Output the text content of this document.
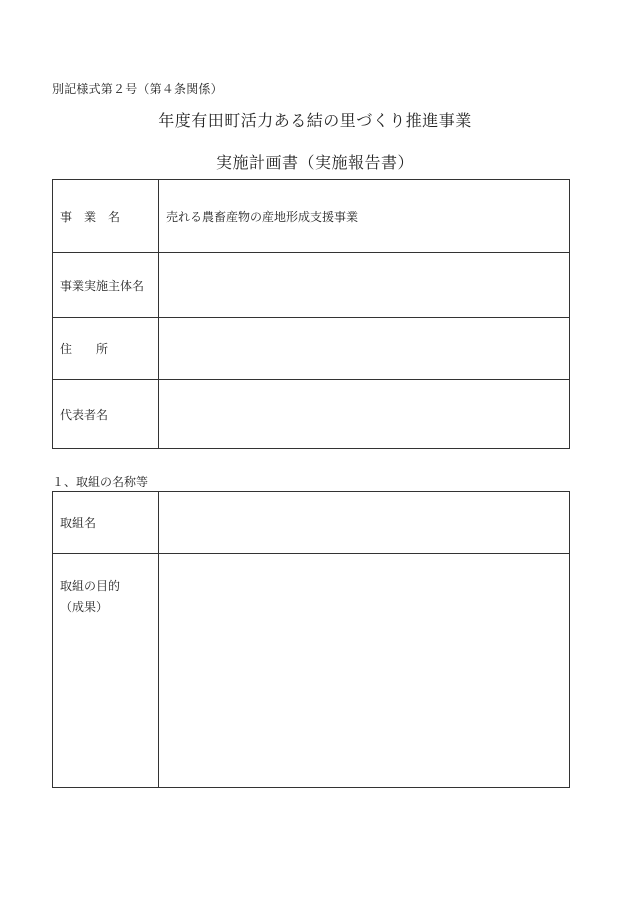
別記様式第２号（第４条関係）
年度有田町活力ある結の里づくり推進事業
実施計画書（実施報告書）
事　業　名	売れる農畜産物の産地形成支援事業
事業実施主体名	
住　　所	
代表者名	
１、取組の名称等
取組名	

取組の目的
（成果）	
